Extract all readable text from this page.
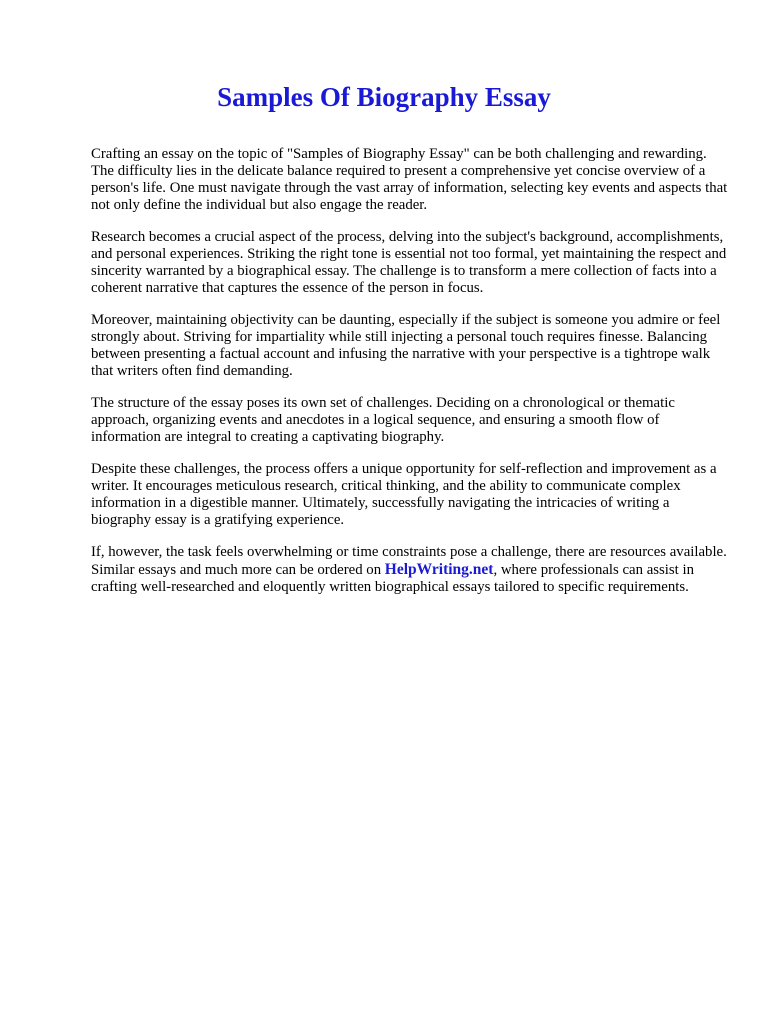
Samples Of Biography Essay

Crafting an essay on the topic of "Samples of Biography Essay" can be both challenging and rewarding. The difficulty lies in the delicate balance required to present a comprehensive yet concise overview of a person's life. One must navigate through the vast array of information, selecting key events and aspects that not only define the individual but also engage the reader.

Research becomes a crucial aspect of the process, delving into the subject's background, accomplishments, and personal experiences. Striking the right tone is essential not too formal, yet maintaining the respect and sincerity warranted by a biographical essay. The challenge is to transform a mere collection of facts into a coherent narrative that captures the essence of the person in focus.

Moreover, maintaining objectivity can be daunting, especially if the subject is someone you admire or feel strongly about. Striving for impartiality while still injecting a personal touch requires finesse. Balancing between presenting a factual account and infusing the narrative with your perspective is a tightrope walk that writers often find demanding.

The structure of the essay poses its own set of challenges. Deciding on a chronological or thematic approach, organizing events and anecdotes in a logical sequence, and ensuring a smooth flow of information are integral to creating a captivating biography.

Despite these challenges, the process offers a unique opportunity for self-reflection and improvement as a writer. It encourages meticulous research, critical thinking, and the ability to communicate complex information in a digestible manner. Ultimately, successfully navigating the intricacies of writing a biography essay is a gratifying experience.

If, however, the task feels overwhelming or time constraints pose a challenge, there are resources available. Similar essays and much more can be ordered on HelpWriting.net, where professionals can assist in crafting well-researched and eloquently written biographical essays tailored to specific requirements.
